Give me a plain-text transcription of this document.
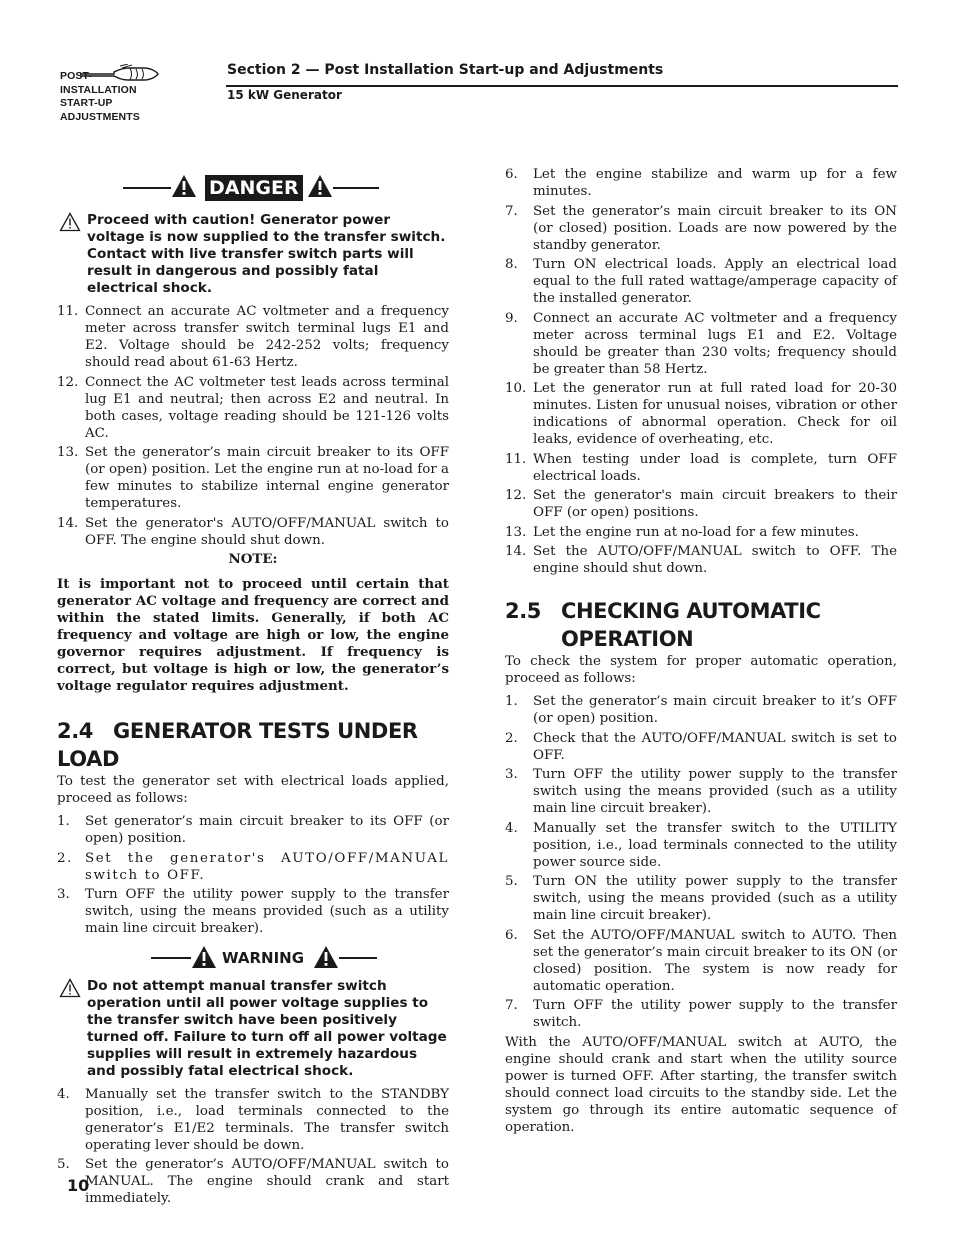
POST-
INSTALLATION
START-UP
ADJUSTMENTS
Section 2 — Post Installation Start-up and Adjustments
15 kW Generator
DANGER
Proceed with caution! Generator power voltage is now supplied to the transfer switch. Contact with live transfer switch parts will result in dangerous and possibly fatal electrical shock.
11. Connect an accurate AC voltmeter and a frequency meter across transfer switch terminal lugs E1 and E2. Voltage should be 242-252 volts; frequency should read about 61-63 Hertz.
12. Connect the AC voltmeter test leads across terminal lug E1 and neutral; then across E2 and neutral. In both cases, voltage reading should be 121-126 volts AC.
13. Set the generator’s main circuit breaker to its OFF (or open) position. Let the engine run at no-load for a few minutes to stabilize internal engine generator temperatures.
14. Set the generator's AUTO/OFF/MANUAL switch to OFF. The engine should shut down.
NOTE:
It is important not to proceed until certain that generator AC voltage and frequency are correct and within the stated limits. Generally, if both AC frequency and voltage are high or low, the engine governor requires adjustment. If frequency is correct, but voltage is high or low, the generator’s voltage regulator requires adjustment.
2.4 GENERATOR TESTS UNDER LOAD
To test the generator set with electrical loads applied, proceed as follows:
1. Set generator’s main circuit breaker to its OFF (or open) position.
2. Set the generator's AUTO/OFF/MANUAL switch to OFF.
3. Turn OFF the utility power supply to the transfer switch, using the means provided (such as a utility main line circuit breaker).
WARNING
Do not attempt manual transfer switch operation until all power voltage supplies to the transfer switch have been positively turned off. Failure to turn off all power voltage supplies will result in extremely hazardous and possibly fatal electrical shock.
4. Manually set the transfer switch to the STANDBY position, i.e., load terminals connected to the generator’s E1/E2 terminals. The transfer switch operating lever should be down.
5. Set the generator’s AUTO/OFF/MANUAL switch to MANUAL. The engine should crank and start immediately.
6. Let the engine stabilize and warm up for a few minutes.
7. Set the generator’s main circuit breaker to its ON (or closed) position. Loads are now powered by the standby generator.
8. Turn ON electrical loads. Apply an electrical load equal to the full rated wattage/amperage capacity of the installed generator.
9. Connect an accurate AC voltmeter and a frequency meter across terminal lugs E1 and E2. Voltage should be greater than 230 volts; frequency should be greater than 58 Hertz.
10. Let the generator run at full rated load for 20-30 minutes. Listen for unusual noises, vibration or other indications of abnormal operation. Check for oil leaks, evidence of overheating, etc.
11. When testing under load is complete, turn OFF electrical loads.
12. Set the generator's main circuit breakers to their OFF (or open) positions.
13. Let the engine run at no-load for a few minutes.
14. Set the AUTO/OFF/MANUAL switch to OFF. The engine should shut down.
2.5 CHECKING AUTOMATIC
OPERATION
To check the system for proper automatic operation, proceed as follows:
1. Set the generator’s main circuit breaker to it’s OFF (or open) position.
2. Check that the AUTO/OFF/MANUAL switch is set to OFF.
3. Turn OFF the utility power supply to the transfer switch using the means provided (such as a utility main line circuit breaker).
4. Manually set the transfer switch to the UTILITY position, i.e., load terminals connected to the utility power source side.
5. Turn ON the utility power supply to the transfer switch, using the means provided (such as a utility main line circuit breaker).
6. Set the AUTO/OFF/MANUAL switch to AUTO. Then set the generator’s main circuit breaker to its ON (or closed) position. The system is now ready for automatic operation.
7. Turn OFF the utility power supply to the transfer switch.
With the AUTO/OFF/MANUAL switch at AUTO, the engine should crank and start when the utility source power is turned OFF. After starting, the transfer switch should connect load circuits to the standby side. Let the system go through its entire automatic sequence of operation.
10
